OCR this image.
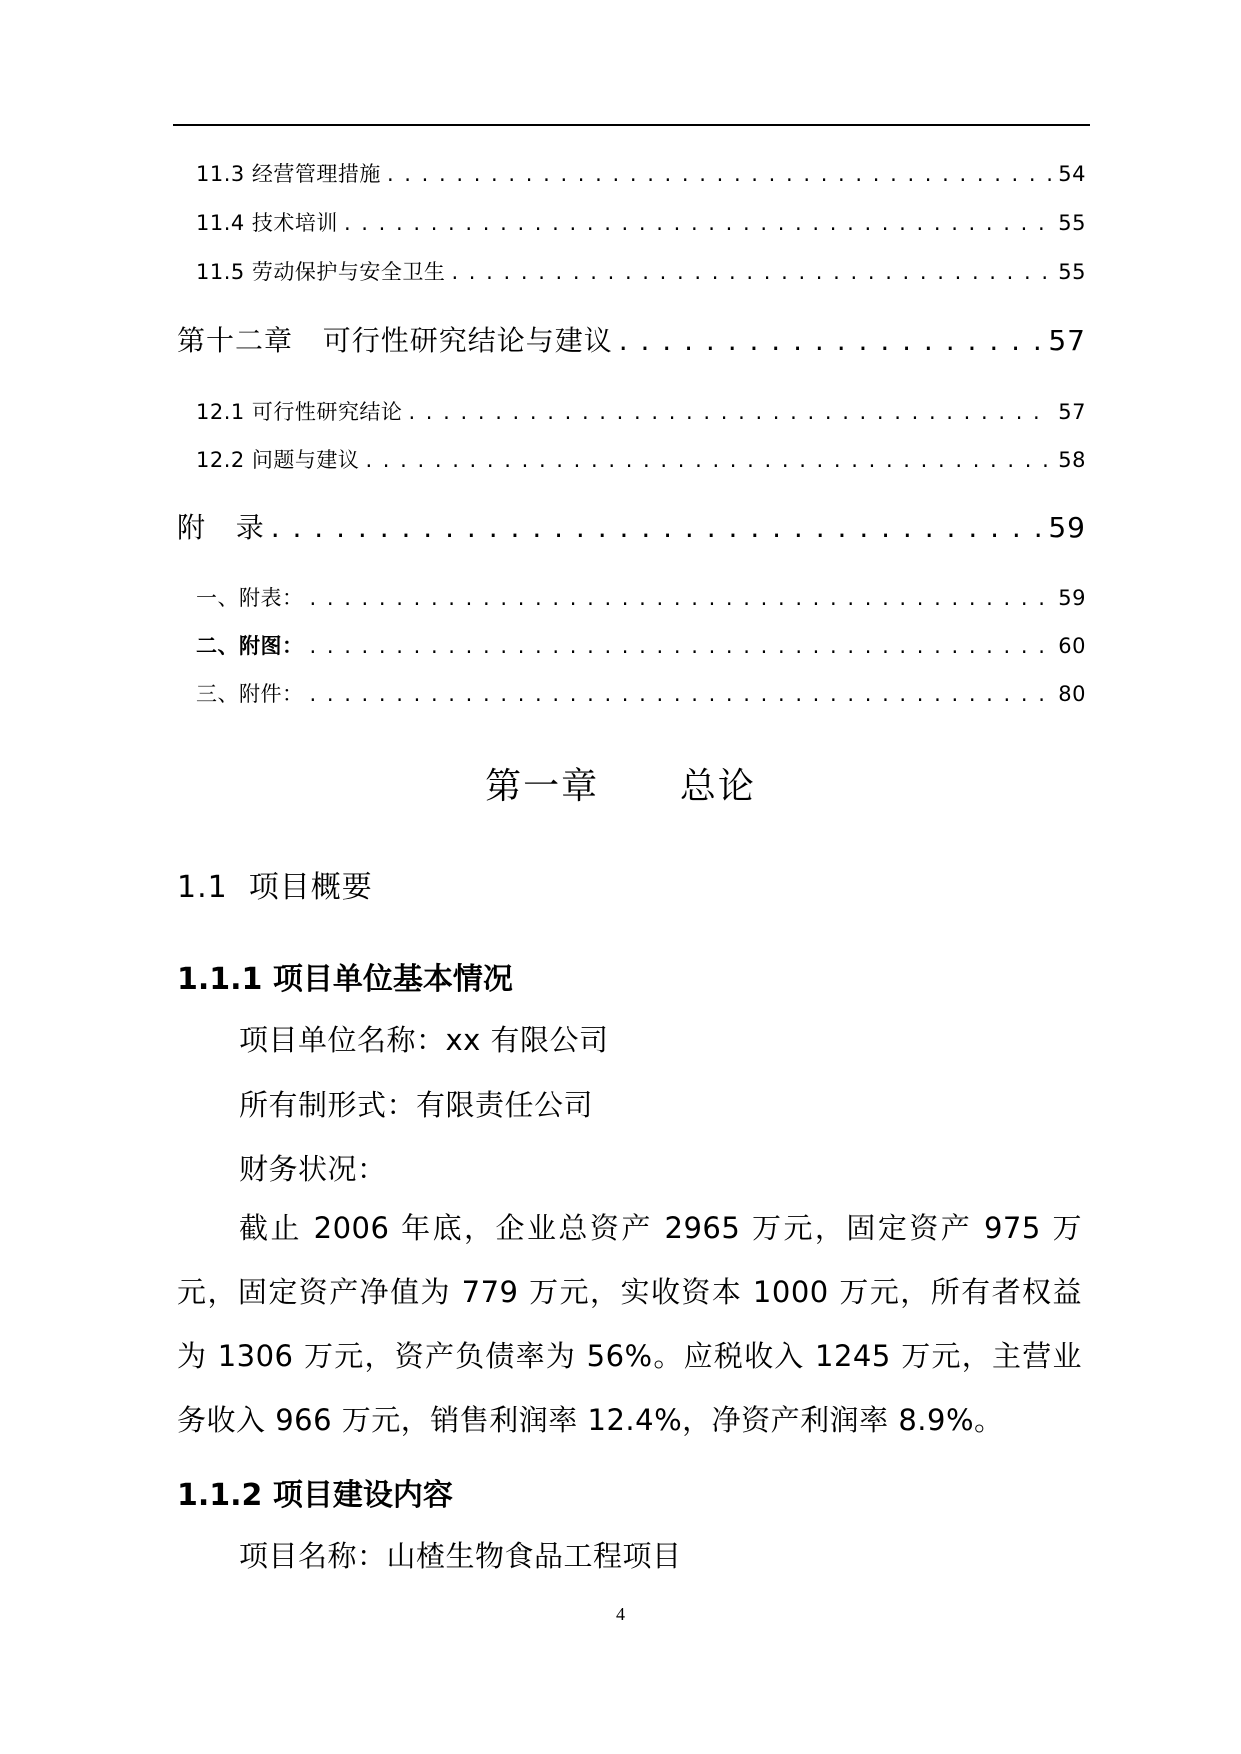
11.3 经营管理措施 . . .	54
11.4 技术培训 . . .	55
11.5 劳动保护与安全卫生 . . .	55
第十二章   可行性研究结论与建议 . . .	57
12.1 可行性研究结论 . . .	57
12.2 问题与建议 . . .	58
附   录 . . .	59
一、附表： . . .	59
二、附图： . . .	60
三、附件： . . .	80
第一章      总论
1.1  项目概要
1.1.1 项目单位基本情况
项目单位名称：xx 有限公司
所有制形式：有限责任公司
财务状况：
截止 2006 年底，企业总资产 2965 万元，固定资产 975 万元，固定资产净值为 779 万元，实收资本 1000 万元，所有者权益为 1306 万元，资产负债率为 56%。应税收入 1245 万元，主营业务收入 966 万元，销售利润率 12.4%，净资产利润率 8.9%。
1.1.2 项目建设内容
项目名称：山楂生物食品工程项目
4
